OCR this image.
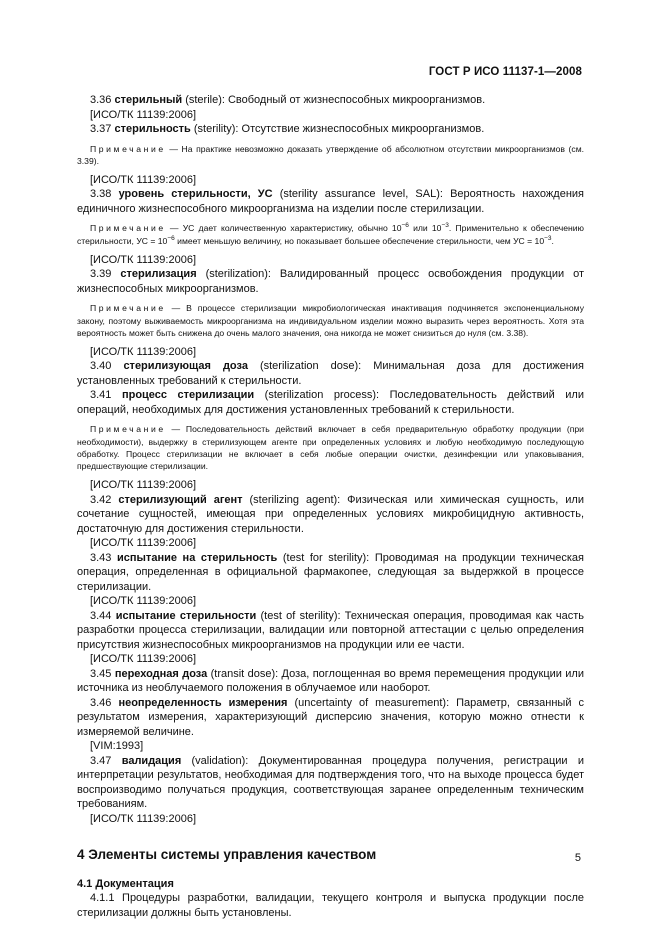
ГОСТ Р ИСО 11137-1—2008

3.36 стерильный (sterile): Свободный от жизнеспособных микроорганизмов.

[ИСО/ТК 11139:2006]

3.37 стерильность (sterility): Отсутствие жизнеспособных микроорганизмов.

Примечание — На практике невозможно доказать утверждение об абсолютном отсутствии микроорганизмов (см. 3.39).

[ИСО/ТК 11139:2006]

3.38 уровень стерильности, УС (sterility assurance level, SAL): Вероятность нахождения единичного жизнеспособного микроорганизма на изделии после стерилизации.

Примечание — УС дает количественную характеристику, обычно $10^{-6}$ или $10^{-3}$. Применительно к обеспечению стерильности, УС = $10^{-6}$ имеет меньшую величину, но показывает большее обеспечение стерильности, чем УС = $10^{-3}$.

[ИСО/ТК 11139:2006]

3.39 стерилизация (sterilization): Валидированный процесс освобождения продукции от жизнеспособных микроорганизмов.

Примечание — В процессе стерилизации микробиологическая инактивация подчиняется экспоненциальному закону, поэтому выживаемость микроорганизма на индивидуальном изделии можно выразить через вероятность. Хотя эта вероятность может быть снижена до очень малого значения, она никогда не может снизиться до нуля (см. 3.38).

[ИСО/ТК 11139:2006]

3.40 стерилизующая доза (sterilization dose): Минимальная доза для достижения установленных требований к стерильности.

3.41 процесс стерилизации (sterilization process): Последовательность действий или операций, необходимых для достижения установленных требований к стерильности.

Примечание — Последовательность действий включает в себя предварительную обработку продукции (при необходимости), выдержку в стерилизующем агенте при определенных условиях и любую необходимую последующую обработку. Процесс стерилизации не включает в себя любые операции очистки, дезинфекции или упаковывания, предшествующие стерилизации.

[ИСО/ТК 11139:2006]

3.42 стерилизующий агент (sterilizing agent): Физическая или химическая сущность, или сочетание сущностей, имеющая при определенных условиях микробицидную активность, достаточную для достижения стерильности.

[ИСО/ТК 11139:2006]

3.43 испытание на стерильность (test for sterility): Проводимая на продукции техническая операция, определенная в официальной фармакопее, следующая за выдержкой в процессе стерилизации.

[ИСО/ТК 11139:2006]

3.44 испытание стерильности (test of sterility): Техническая операция, проводимая как часть разработки процесса стерилизации, валидации или повторной аттестации с целью определения присутствия жизнеспособных микроорганизмов на продукции или ее части.

[ИСО/ТК 11139:2006]

3.45 переходная доза (transit dose): Доза, поглощенная во время перемещения продукции или источника из необлучаемого положения в облучаемое или наоборот.

3.46 неопределенность измерения (uncertainty of measurement): Параметр, связанный с результатом измерения, характеризующий дисперсию значения, которую можно отнести к измеряемой величине.

[VIM:1993]

3.47 валидация (validation): Документированная процедура получения, регистрации и интерпретации результатов, необходимая для подтверждения того, что на выходе процесса будет воспроизводимо получаться продукция, соответствующая заранее определенным техническим требованиям.

[ИСО/ТК 11139:2006]

4 Элементы системы управления качеством

4.1 Документация

4.1.1 Процедуры разработки, валидации, текущего контроля и выпуска продукции после стерилизации должны быть установлены.

5
